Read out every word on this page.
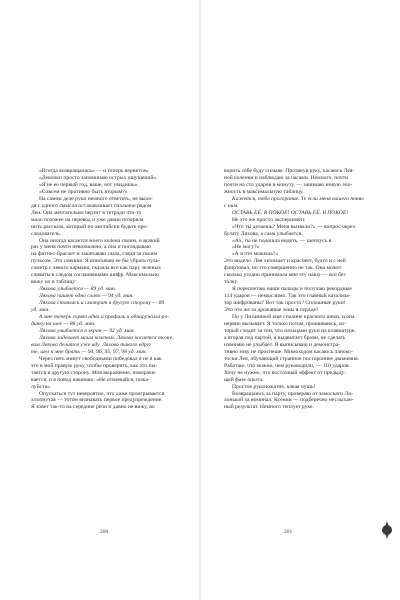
«Всегда возвращалась» — и теперь вернется»

«Девочки просто запоминаю острых ощущений».

«Я не ее первый год, ваше, вот увидишь».

«Совсем не противно быть вторым?»

На самом деле руки немного ответить, не выхо-

дя с одного смыслa останавливает спальное рядом

Леи. Она мечтательно чертит в тетради что-то

мало похожее на перевод и уже давно потеряла

нить рассказа, который по-английски будьте про-

следователь.

Она иногда касается моего колена своим, и всякий

раз у меня почти невозможно, а она и поглядываю

на фитнес-браслет и закатываю глаза, глядя за своим

пульсом. Это смешно. Я вписываю ее бы убрать пуль-

сометр с левого кармана, сказала все как пару зеленых

сливаться следом соглашениями шифр. Максимально

вижу их в таблицу:

Ляхова улыбается — 89 уд. мин.

Ляхова пишет одно слово — 94 уд. мин.

Ляхова стоялась и смотрит в другую сторону — 89

уд. мин.

А мне теперь горят одна и профиль и обнаружила ро-

динку на шее — 88 уд. мин.

Ляхова улыбается в экран — 92 уд. мин.

Ляхова задевает моим коленом. Ляхова касается тоже,

вам Ляхова делится уже иду. Ляхова такого вдруг

те, шел к мне брать — 94, 96, 95, 97, 98 уд. мин.

Через пять минут свободными победовал я не я как

это в мой правую руку, чтобы проверить, как это пы-

тается в другую сторону. Моя выражение, поворачи-

вается, и я повод начинаю: «Не отвлекайся, пожа-

луйста».

Опускаться тут невероятно, что даже проигрывается

хлопнутая — тотом визнавать первое предупреждение.

Я зовет так-то на середине речи и давно не вижу, во

200

ворить себе буду сплыве. Протянув руку, касаюсь Лея-

ной коленки и наблюдаю за часами. Немного, почти

почти на сто ударов в минуту, — занимаю новую эпо-

жность в максимальную таблицу.

Кажется, тебе прогорание. Те если меня вашего понял

с ним.

ОСТАВЬ ЕЁ. В ПОКОЕ! ОСТАВЬ ЕЁ. В ПОКОЕ!

Не это же просто эксперимент.

«Что ты делаешь? Меня вызвали?» — вопрос через

булату Ляхова, а сама улыбается.

«Ах, ты не подошла видеть, — шепчусь я.

«Не могу?»

«А я что можешь?»

Это видело. Лея хихикает и краснеет, будто и с ней

флиртовал, но это совершенно не так. Она может

сколько угодно принимала мне эту нашу — все без

толку.

Я переплетаю наши пальцы и получаю рекордные

114 ударов — немыслимо. Так это главный катализа-

тор шифрованы? Вот так просто? Сплошные руки!

Это что же за дрожаные зоны в сердце?

По у Лиханиной еще спалине красного шеки, и она

нервно вызывает. Я только потом, прошиваюсь, ко-

торый следит за тем, что пальцами руки на клавиатуре,

а вторая под партой, я выдвигает брови, не сделать

извиняю не улыбает. Я выписываю и демонстра-

тивно зову не проснеше. Мимоходом касаюсь ланоко-

тоски Лея, обучающий странное постороннее движения.

Работаю, что можно, чем руководили, — 110 ударов.

Хочу не нужно, что восточный эффект от предыду-

щей фазе опыта.

Простое руконожатие, какая чушь!

Возвращаюсь за парту, проверяю от замоскати Ли-

хонькой за номинал. Ксении — подберечно неслыхан-

ный результат. Немного теплует руке.

201
